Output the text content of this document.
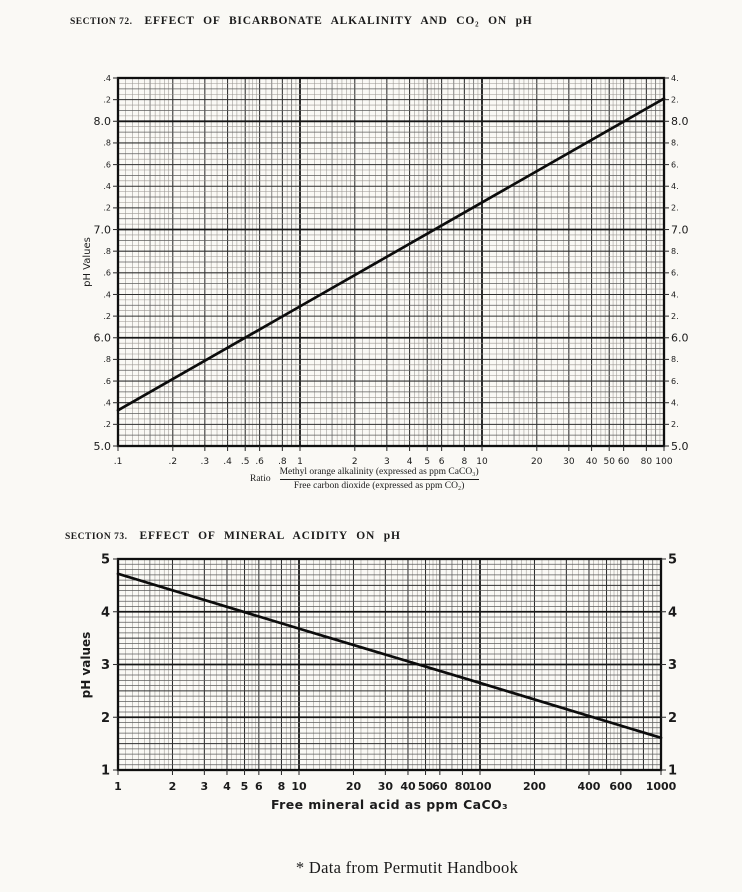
SECTION 72. EFFECT OF BICARBONATE ALKALINITY AND CO₂ ON pH
.1	.2	.3 .4 .5 .6 .8 1	2	3 4 5 6 8 10	20 30 40 50 60 80 100
.4
.2
8.0
.8
.6
.4
.2
7.0
.8
.6
.4
.2
6.0
.8
.6
.4
.2
5.0
4.
2.
8.0
8.
6.
4.
2.
7.0
8.
6.
4.
2.
6.0
8.
6.
4.
2.
5.0
pH Values
1	2 3 4 5 6 8 10	20 30 40 50 60 80
100	200	400 600 1000
5
4
3
2
1
5
4
3
2
1
pH values
Ratio $\frac{\text{Methyl orange alkalinity (expressed as ppm CaCO₃)}}{\text{Free carbon dioxide (expressed as ppm CO₂)}}$
SECTION 73. EFFECT OF MINERAL ACIDITY ON pH
Free mineral acid as ppm CaCO₃
* Data from Permutit Handbook
